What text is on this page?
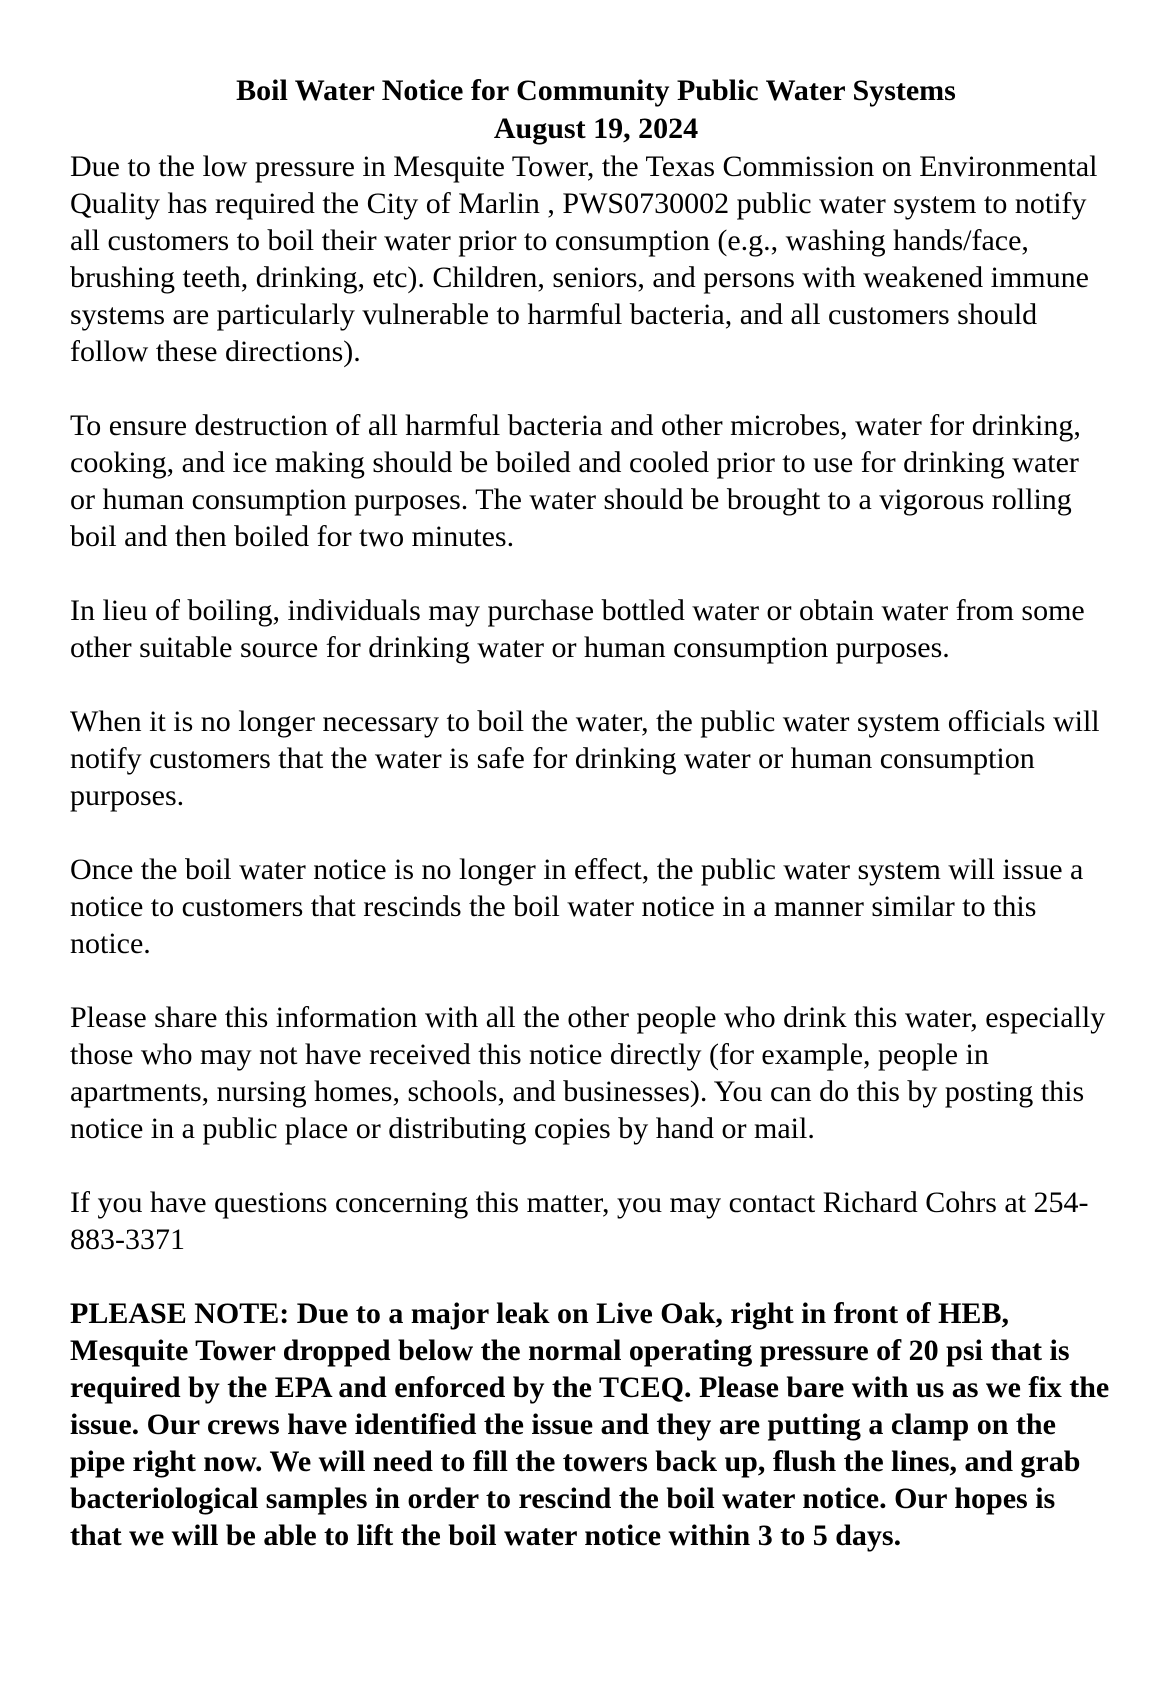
Boil Water Notice for Community Public Water Systems
August 19, 2024

Due to the low pressure in Mesquite Tower, the Texas Commission on Environmental Quality has required the City of Marlin , PWS0730002 public water system to notify all customers to boil their water prior to consumption (e.g., washing hands/face, brushing teeth, drinking, etc). Children, seniors, and persons with weakened immune systems are particularly vulnerable to harmful bacteria, and all customers should follow these directions).

To ensure destruction of all harmful bacteria and other microbes, water for drinking, cooking, and ice making should be boiled and cooled prior to use for drinking water or human consumption purposes. The water should be brought to a vigorous rolling boil and then boiled for two minutes.

In lieu of boiling, individuals may purchase bottled water or obtain water from some other suitable source for drinking water or human consumption purposes.

When it is no longer necessary to boil the water, the public water system officials will notify customers that the water is safe for drinking water or human consumption purposes.

Once the boil water notice is no longer in effect, the public water system will issue a notice to customers that rescinds the boil water notice in a manner similar to this notice.

Please share this information with all the other people who drink this water, especially those who may not have received this notice directly (for example, people in apartments, nursing homes, schools, and businesses). You can do this by posting this notice in a public place or distributing copies by hand or mail.

If you have questions concerning this matter, you may contact Richard Cohrs at 254-883-3371

PLEASE NOTE: Due to a major leak on Live Oak, right in front of HEB, Mesquite Tower dropped below the normal operating pressure of 20 psi that is required by the EPA and enforced by the TCEQ. Please bare with us as we fix the issue. Our crews have identified the issue and they are putting a clamp on the pipe right now. We will need to fill the towers back up, flush the lines, and grab bacteriological samples in order to rescind the boil water notice. Our hopes is that we will be able to lift the boil water notice within 3 to 5 days.
